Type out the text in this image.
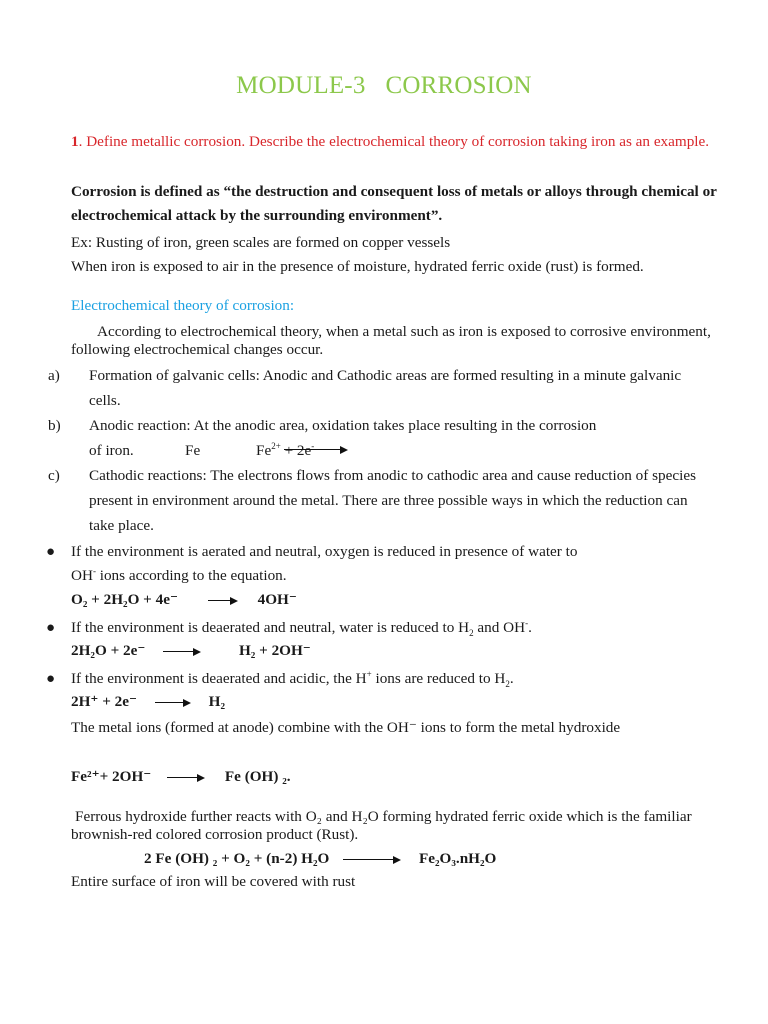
MODULE-3 CORROSION
1. Define metallic corrosion. Describe the electrochemical theory of corrosion taking iron as an example.
Corrosion is defined as “the destruction and consequent loss of metals or alloys through chemical or electrochemical attack by the surrounding environment”.
Ex: Rusting of iron, green scales are formed on copper vessels
When iron is exposed to air in the presence of moisture, hydrated ferric oxide (rust) is formed.
Electrochemical theory of corrosion:
According to electrochemical theory, when a metal such as iron is exposed to corrosive environment, following electrochemical changes occur.
a) Formation of galvanic cells: Anodic and Cathodic areas are formed resulting in a minute galvanic cells.
b) Anodic reaction: At the anodic area, oxidation takes place resulting in the corrosion
of iron.	Fe	$Fe^{2+} + 2e^-$
c) Cathodic reactions: The electrons flows from anodic to cathodic area and cause reduction of species present in environment around the metal. There are three possible ways in which the reduction can take place.
● If the environment is aerated and neutral, oxygen is reduced in presence of water to
OH- ions according to the equation.
O₂ + 2H₂O + 4e⁻	4OH⁻
● If the environment is deaerated and neutral, water is reduced to $H_2$ and OH-.
2H₂O + 2e⁻	H₂ + 2OH⁻
● If the environment is deaerated and acidic, the H+ ions are reduced to $H_2$.
2H⁺ + 2e⁻	H₂
The metal ions (formed at anode) combine with the OH⁻ ions to form the metal hydroxide
Fe²⁺+ 2OH⁻	Fe (OH) ₂.
Ferrous hydroxide further reacts with O₂ and H₂O forming hydrated ferric oxide which is the familiar brownish-red colored corrosion product (Rust).
2 Fe (OH) ₂ + O₂ + (n-2) H₂O	Fe₂O₃.nH₂O
Entire surface of iron will be covered with rust
